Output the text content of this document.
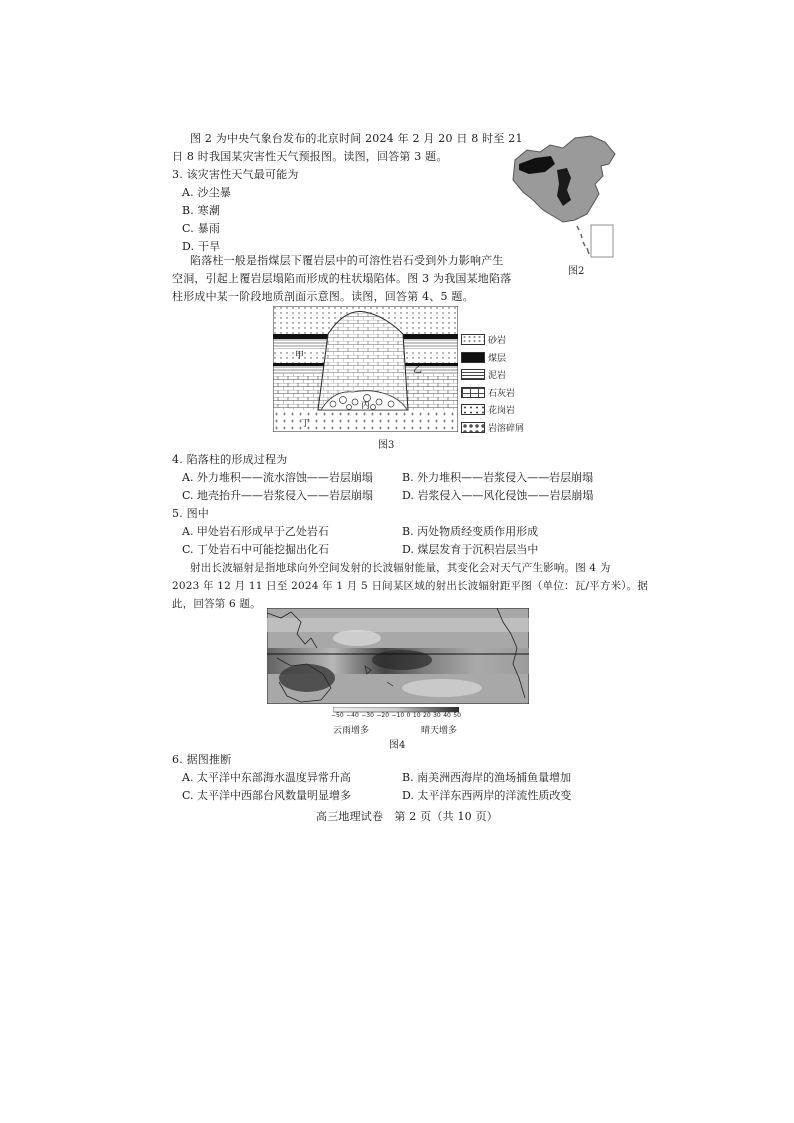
图 2 为中央气象台发布的北京时间 2024 年 2 月 20 日 8 时至 21
日 8 时我国某灾害性天气预报图。读图，回答第 3 题。
3. 该灾害性天气最可能为
A. 沙尘暴
B. 寒潮
C. 暴雨
D. 干旱
图2
陷落柱一般是指煤层下覆岩层中的可溶性岩石受到外力影响产生
空洞，引起上覆岩层塌陷而形成的柱状塌陷体。图 3 为我国某地陷落
柱形成中某一阶段地质剖面示意图。读图，回答第 4、5 题。
甲
乙
丙
丁
砂岩
煤层
泥岩
石灰岩
花岗岩
岩溶碎屑
图3
4. 陷落柱的形成过程为
A. 外力堆积——流水溶蚀——岩层崩塌	B. 外力堆积——岩浆侵入——岩层崩塌
C. 地壳抬升——岩浆侵入——岩层崩塌	D. 岩浆侵入——风化侵蚀——岩层崩塌
5. 图中
A. 甲处岩石形成早于乙处岩石	B. 丙处物质经变质作用形成
C. 丁处岩石中可能挖掘出化石	D. 煤层发育于沉积岩层当中
射出长波辐射是指地球向外空间发射的长波辐射能量，其变化会对天气产生影响。图 4 为
2023 年 12 月 11 日至 2024 年 1 月 5 日间某区域的射出长波辐射距平图（单位：瓦/平方米）。据
此，回答第 6 题。
−50 −40 −30 −20 −10 0 10 20 30 40 50
云雨增多	晴天增多
图4
6. 据图推断
A. 太平洋中东部海水温度异常升高	B. 南美洲西海岸的渔场捕鱼量增加
C. 太平洋中西部台风数量明显增多	D. 太平洋东西两岸的洋流性质改变
高三地理试卷　第 2 页（共 10 页）
